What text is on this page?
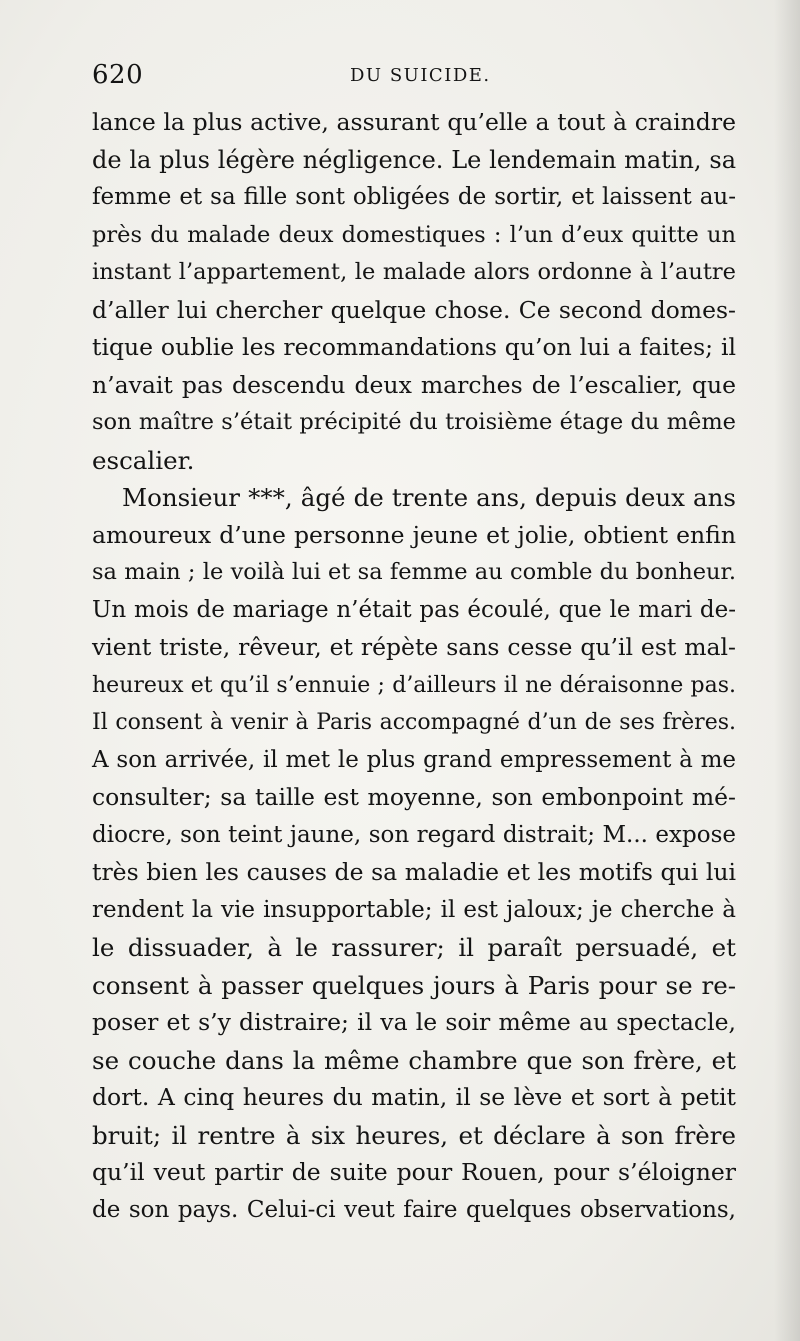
620	DU SUICIDE.
lance la plus active, assurant qu’elle a tout à craindre
de la plus légère négligence. Le lendemain matin, sa
femme et sa fille sont obligées de sortir, et laissent au-
près du malade deux domestiques : l’un d’eux quitte un
instant l’appartement, le malade alors ordonne à l’autre
d’aller lui chercher quelque chose. Ce second domes-
tique oublie les recommandations qu’on lui a faites; il
n’avait pas descendu deux marches de l’escalier, que
son maître s’était précipité du troisième étage du même
escalier.
Monsieur ***, âgé de trente ans, depuis deux ans
amoureux d’une personne jeune et jolie, obtient enfin
sa main ; le voilà lui et sa femme au comble du bonheur.
Un mois de mariage n’était pas écoulé, que le mari de-
vient triste, rêveur, et répète sans cesse qu’il est mal-
heureux et qu’il s’ennuie ; d’ailleurs il ne déraisonne pas.
Il consent à venir à Paris accompagné d’un de ses frères.
A son arrivée, il met le plus grand empressement à me
consulter; sa taille est moyenne, son embonpoint mé-
diocre, son teint jaune, son regard distrait; M... expose
très bien les causes de sa maladie et les motifs qui lui
rendent la vie insupportable; il est jaloux; je cherche à
le dissuader, à le rassurer; il paraît persuadé, et
consent à passer quelques jours à Paris pour se re-
poser et s’y distraire; il va le soir même au spectacle,
se couche dans la même chambre que son frère, et
dort. A cinq heures du matin, il se lève et sort à petit
bruit; il rentre à six heures, et déclare à son frère
qu’il veut partir de suite pour Rouen, pour s’éloigner
de son pays. Celui-ci veut faire quelques observations,
